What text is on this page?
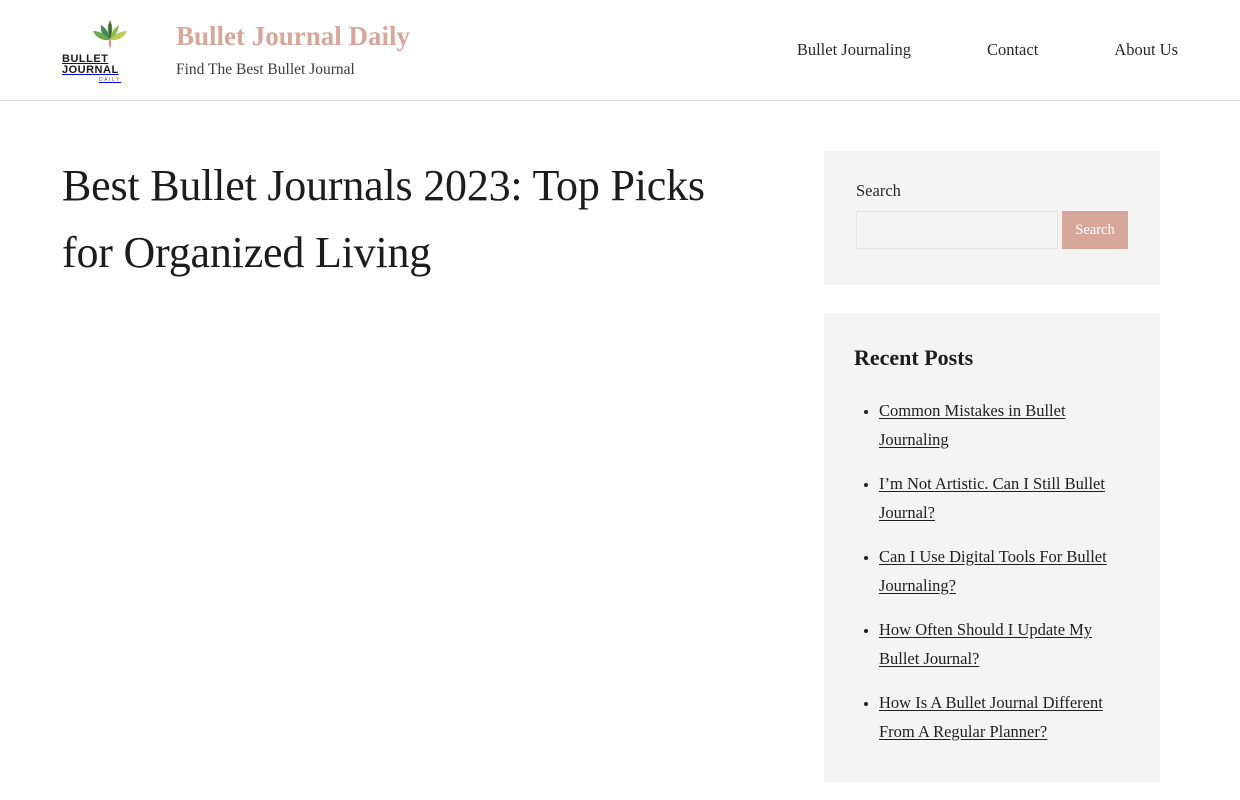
BULLET JOURNAL
DAILY
Bullet Journal Daily
Find The Best Bullet Journal
Bullet Journaling	Contact	About Us
Best Bullet Journals 2023: Top Picks for Organized Living
Search
Search
Recent Posts
• Common Mistakes in Bullet Journaling
• I’m Not Artistic. Can I Still Bullet Journal?
• Can I Use Digital Tools For Bullet Journaling?
• How Often Should I Update My Bullet Journal?
• How Is A Bullet Journal Different From A Regular Planner?
